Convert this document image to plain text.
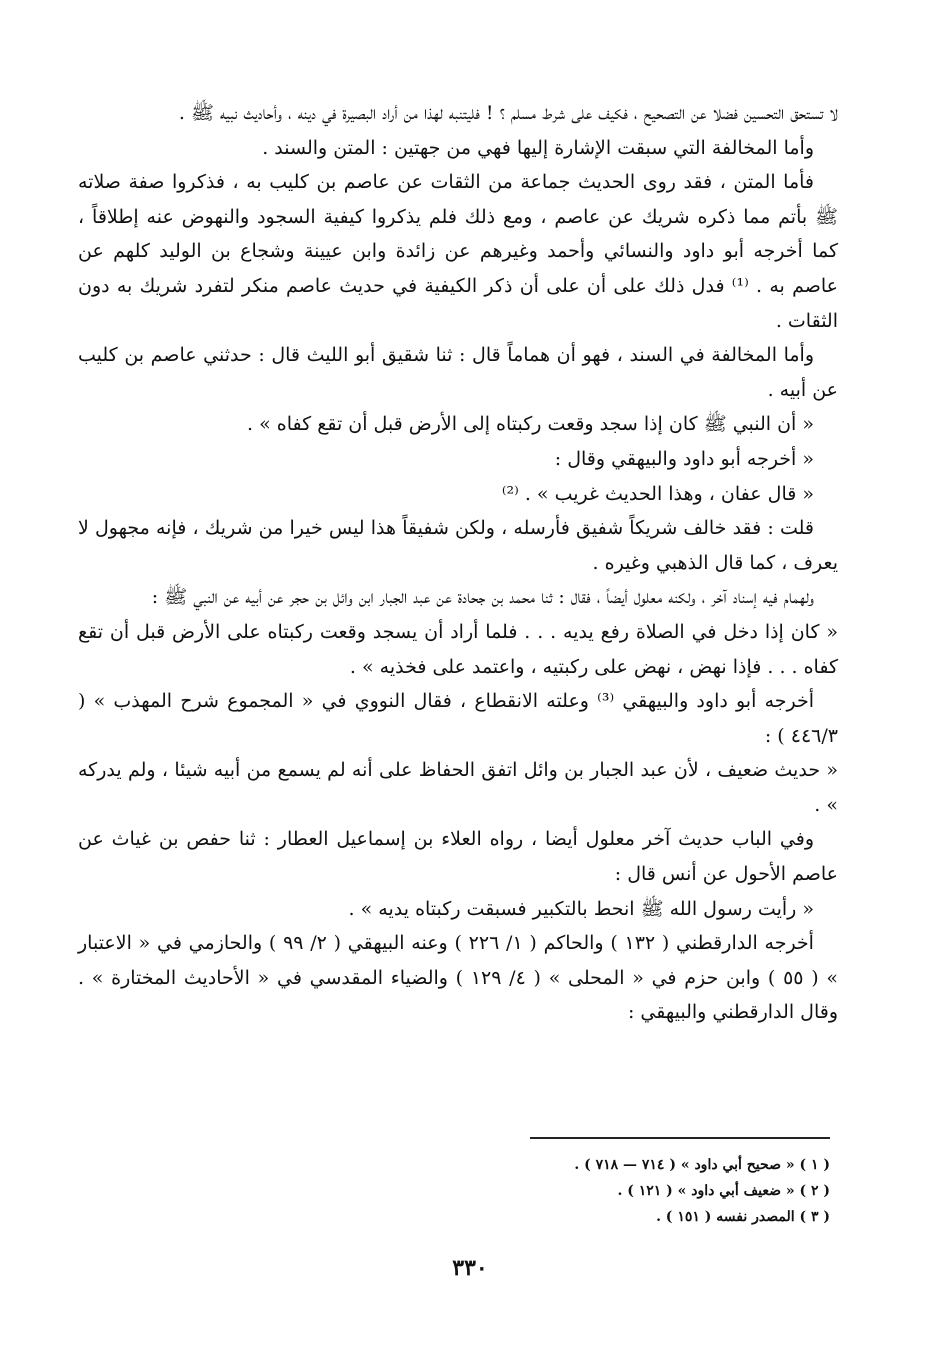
لا تستحق التحسين فضلا عن التصحيح ، فكيف على شرط مسلم ؟ ! فليتنبه لهذا من أراد البصيرة في دينه ، وأحاديث نبيه ﷺ .

وأما المخالفة التي سبقت الإشارة إليها فهي من جهتين : المتن والسند .

فأما المتن ، فقد روى الحديث جماعة من الثقات عن عاصم بن كليب به ، فذكروا صفة صلاته ﷺ بأتم مما ذكره شريك عن عاصم ، ومع ذلك فلم يذكروا كيفية السجود والنهوض عنه إطلاقاً ، كما أخرجه أبو داود والنسائي وأحمد وغيرهم عن زائدة وابن عيينة وشجاع بن الوليد كلهم عن عاصم به . ⁽¹⁾ فدل ذلك على أن على أن ذكر الكيفية في حديث عاصم منكر لتفرد شريك به دون الثقات .

وأما المخالفة في السند ، فهو أن هماماً قال : ثنا شقيق أبو الليث قال : حدثني عاصم بن كليب عن أبيه .

« أن النبي ﷺ كان إذا سجد وقعت ركبتاه إلى الأرض قبل أن تقع كفاه » .

« أخرجه أبو داود والبيهقي وقال :

« قال عفان ، وهذا الحديث غريب » . ⁽²⁾

قلت : فقد خالف شريكاً شفيق فأرسله ، ولكن شفيقاً هذا ليس خيرا من شريك ، فإنه مجهول لا يعرف ، كما قال الذهبي وغيره .

ولهمام فيه إسناد آخر ، ولكنه معلول أيضاً ، فقال : ثنا محمد بن جحادة عن عبد الجبار ابن وائل بن حجر عن أبيه عن النبي ﷺ :

« كان إذا دخل في الصلاة رفع يديه . . . فلما أراد أن يسجد وقعت ركبتاه على الأرض قبل أن تقع كفاه . . . فإذا نهض ، نهض على ركبتيه ، واعتمد على فخذيه » .

أخرجه أبو داود والبيهقي ⁽³⁾ وعلته الانقطاع ، فقال النووي في « المجموع شرح المهذب » ( ٤٤٦/٣ ) :

« حديث ضعيف ، لأن عبد الجبار بن وائل اتفق الحفاظ على أنه لم يسمع من أبيه شيئا ، ولم يدركه » .

وفي الباب حديث آخر معلول أيضا ، رواه العلاء بن إسماعيل العطار : ثنا حفص بن غياث عن عاصم الأحول عن أنس قال :

« رأيت رسول الله ﷺ انحط بالتكبير فسبقت ركبتاه يديه » .

أخرجه الدارقطني ( ١٣٢ ) والحاكم ( ١/ ٢٢٦ ) وعنه البيهقي ( ٢/ ٩٩ ) والحازمي في « الاعتبار » ( ٥٥ ) وابن حزم في « المحلى » ( ٤/ ١٢٩ ) والضياء المقدسي في « الأحاديث المختارة » . وقال الدارقطني والبيهقي :

( ١ ) « صحيح أبي داود » ( ٧١٤ — ٧١٨ ) .

( ٢ ) « ضعيف أبي داود » ( ١٢١ ) .

( ٣ ) المصدر نفسه ( ١٥١ ) .

٣٣٠
